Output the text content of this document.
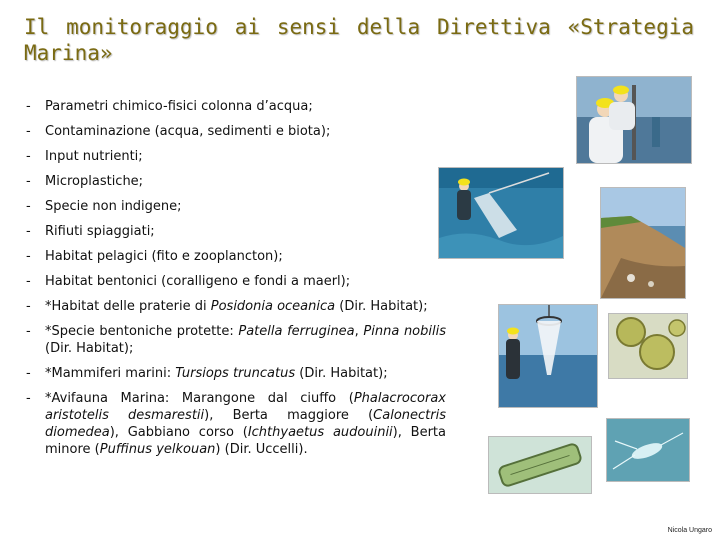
Il monitoraggio ai sensi della Direttiva «Strategia Marina»
- Parametri chimico-fisici colonna d’acqua;
- Contaminazione (acqua, sedimenti e biota);
- Input nutrienti;
- Microplastiche;
- Specie non indigene;
- Rifiuti spiaggiati;
- Habitat pelagici (fito e zooplancton);
- Habitat bentonici (coralligeno e fondi a maerl);
- *Habitat delle praterie di Posidonia oceanica (Dir. Habitat);
- *Specie bentoniche protette: Patella ferruginea, Pinna nobilis (Dir. Habitat);
- *Mammiferi marini: Tursiops truncatus (Dir. Habitat);
- *Avifauna Marina: Marangone dal ciuffo (Phalacrocorax aristotelis desmarestii), Berta maggiore (Calonectris diomedea), Gabbiano corso (Ichthyaetus audouinii), Berta minore (Puffinus yelkouan) (Dir. Uccelli).
Nicola Ungaro
